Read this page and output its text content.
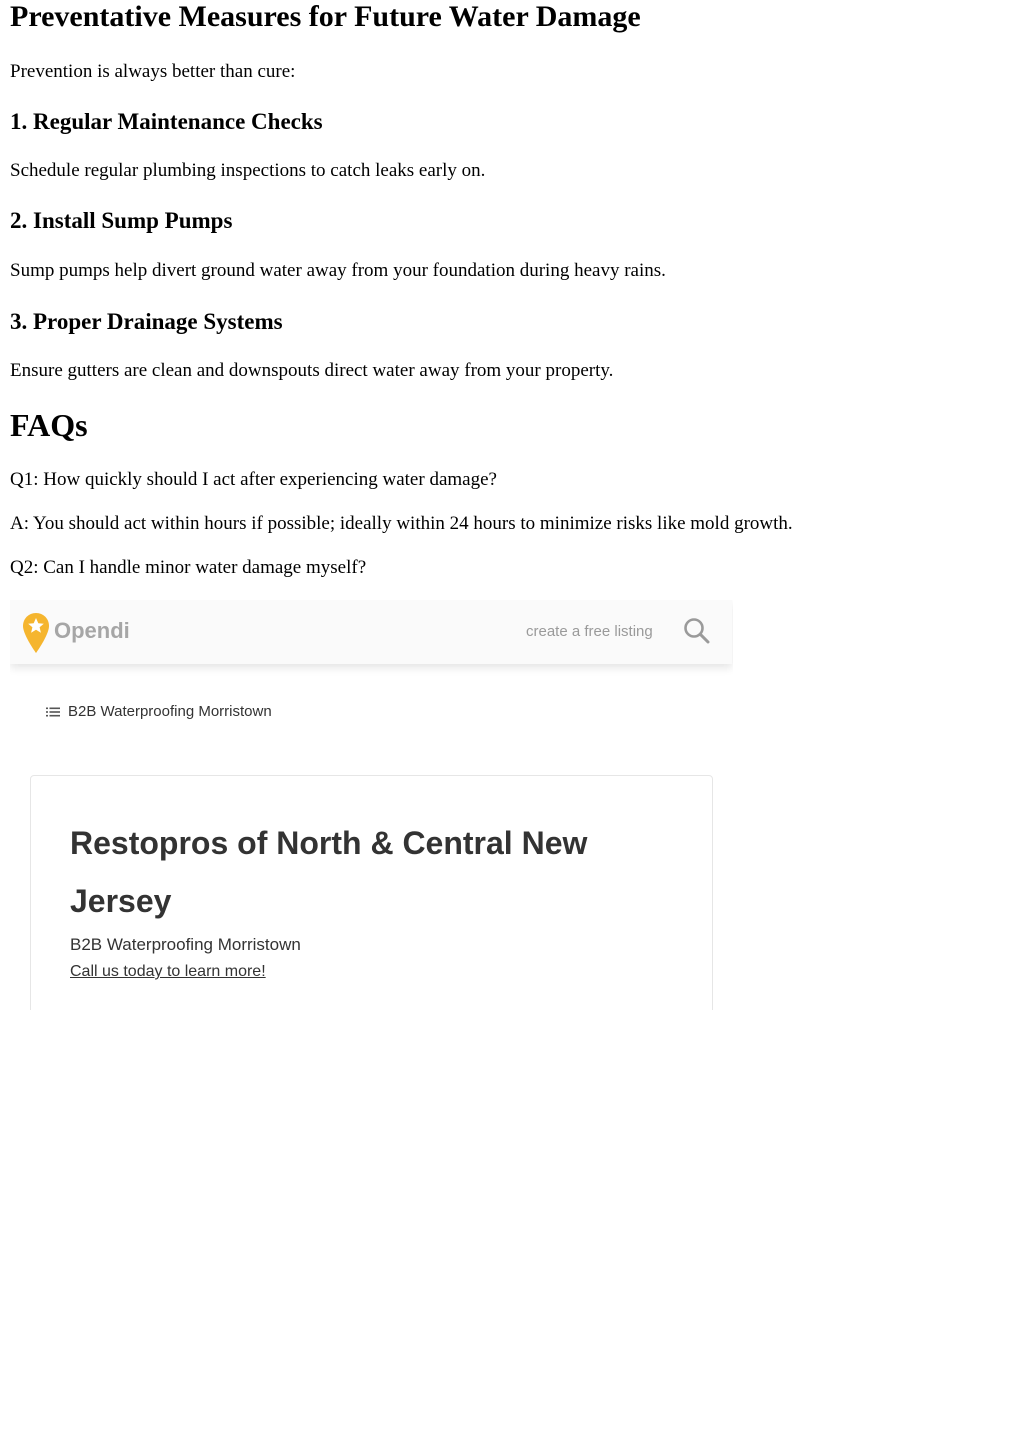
Preventative Measures for Future Water Damage

Prevention is always better than cure:

1. Regular Maintenance Checks

Schedule regular plumbing inspections to catch leaks early on.

2. Install Sump Pumps

Sump pumps help divert ground water away from your foundation during heavy rains.

3. Proper Drainage Systems

Ensure gutters are clean and downspouts direct water away from your property.

FAQs

Q1: How quickly should I act after experiencing water damage?

A: You should act within hours if possible; ideally within 24 hours to minimize risks like mold growth.

Q2: Can I handle minor water damage myself?

Opendi	create a free listing
B2B Waterproofing Morristown
Restopros of North & Central New Jersey
B2B Waterproofing Morristown
Call us today to learn more!
